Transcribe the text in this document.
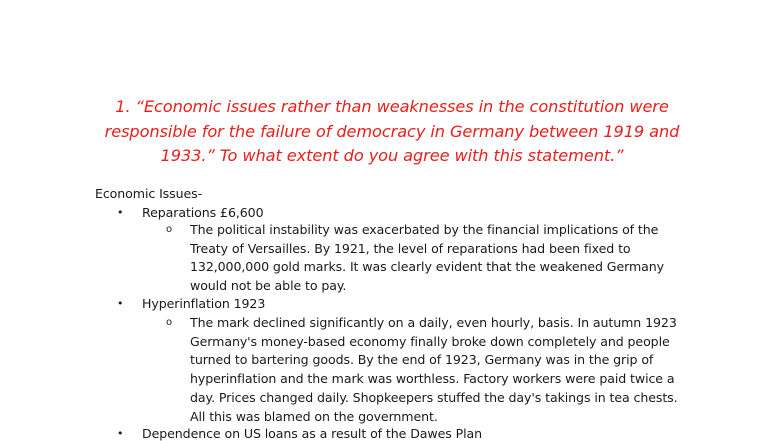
1. “Economic issues rather than weaknesses in the constitution were responsible for the failure of democracy in Germany between 1919 and 1933.” To what extent do you agree with this statement.”
Economic Issues-
• Reparations £6,600
o The political instability was exacerbated by the financial implications of the Treaty of Versailles. By 1921, the level of reparations had been fixed to 132,000,000 gold marks. It was clearly evident that the weakened Germany would not be able to pay.
• Hyperinflation 1923
o The mark declined significantly on a daily, even hourly, basis. In autumn 1923 Germany's money-based economy finally broke down completely and people turned to bartering goods. By the end of 1923, Germany was in the grip of hyperinflation and the mark was worthless. Factory workers were paid twice a day. Prices changed daily. Shopkeepers stuffed the day's takings in tea chests. All this was blamed on the government.
• Dependence on US loans as a result of the Dawes Plan
